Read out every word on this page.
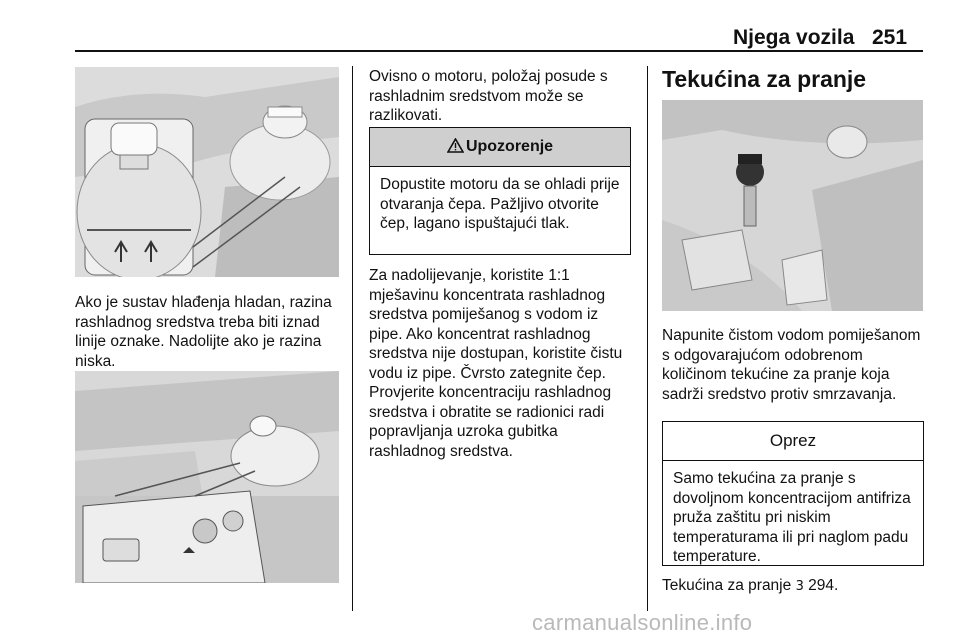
Njega vozila 251
Ako je sustav hlađenja hladan, razina rashladnog sredstva treba biti iznad linije oznake. Nadolijte ako je razina niska.
Ovisno o motoru, položaj posude s rashladnim sredstvom može se razlikovati.
Upozorenje
Dopustite motoru da se ohladi prije otvaranja čepa. Pažljivo otvorite čep, lagano ispuštajući tlak.
Za nadolijevanje, koristite 1:1 mješavinu koncentrata rashladnog sredstva pomiješanog s vodom iz pipe. Ako koncentrat rashladnog sredstva nije dostupan, koristite čistu vodu iz pipe. Čvrsto zategnite čep. Provjerite koncentraciju rashladnog sredstva i obratite se radionici radi popravljanja uzroka gubitka rashladnog sredstva.
Tekućina za pranje
Napunite čistom vodom pomiješanom s odgovarajućom odobrenom količinom tekućine za pranje koja sadrži sredstvo protiv smrzavanja.
Oprez
Samo tekućina za pranje s dovoljnom koncentracijom antifriza pruža zaštitu pri niskim temperaturama ili pri naglom padu temperature.
Tekućina za pranje 3 294.
carmanualsonline.info
